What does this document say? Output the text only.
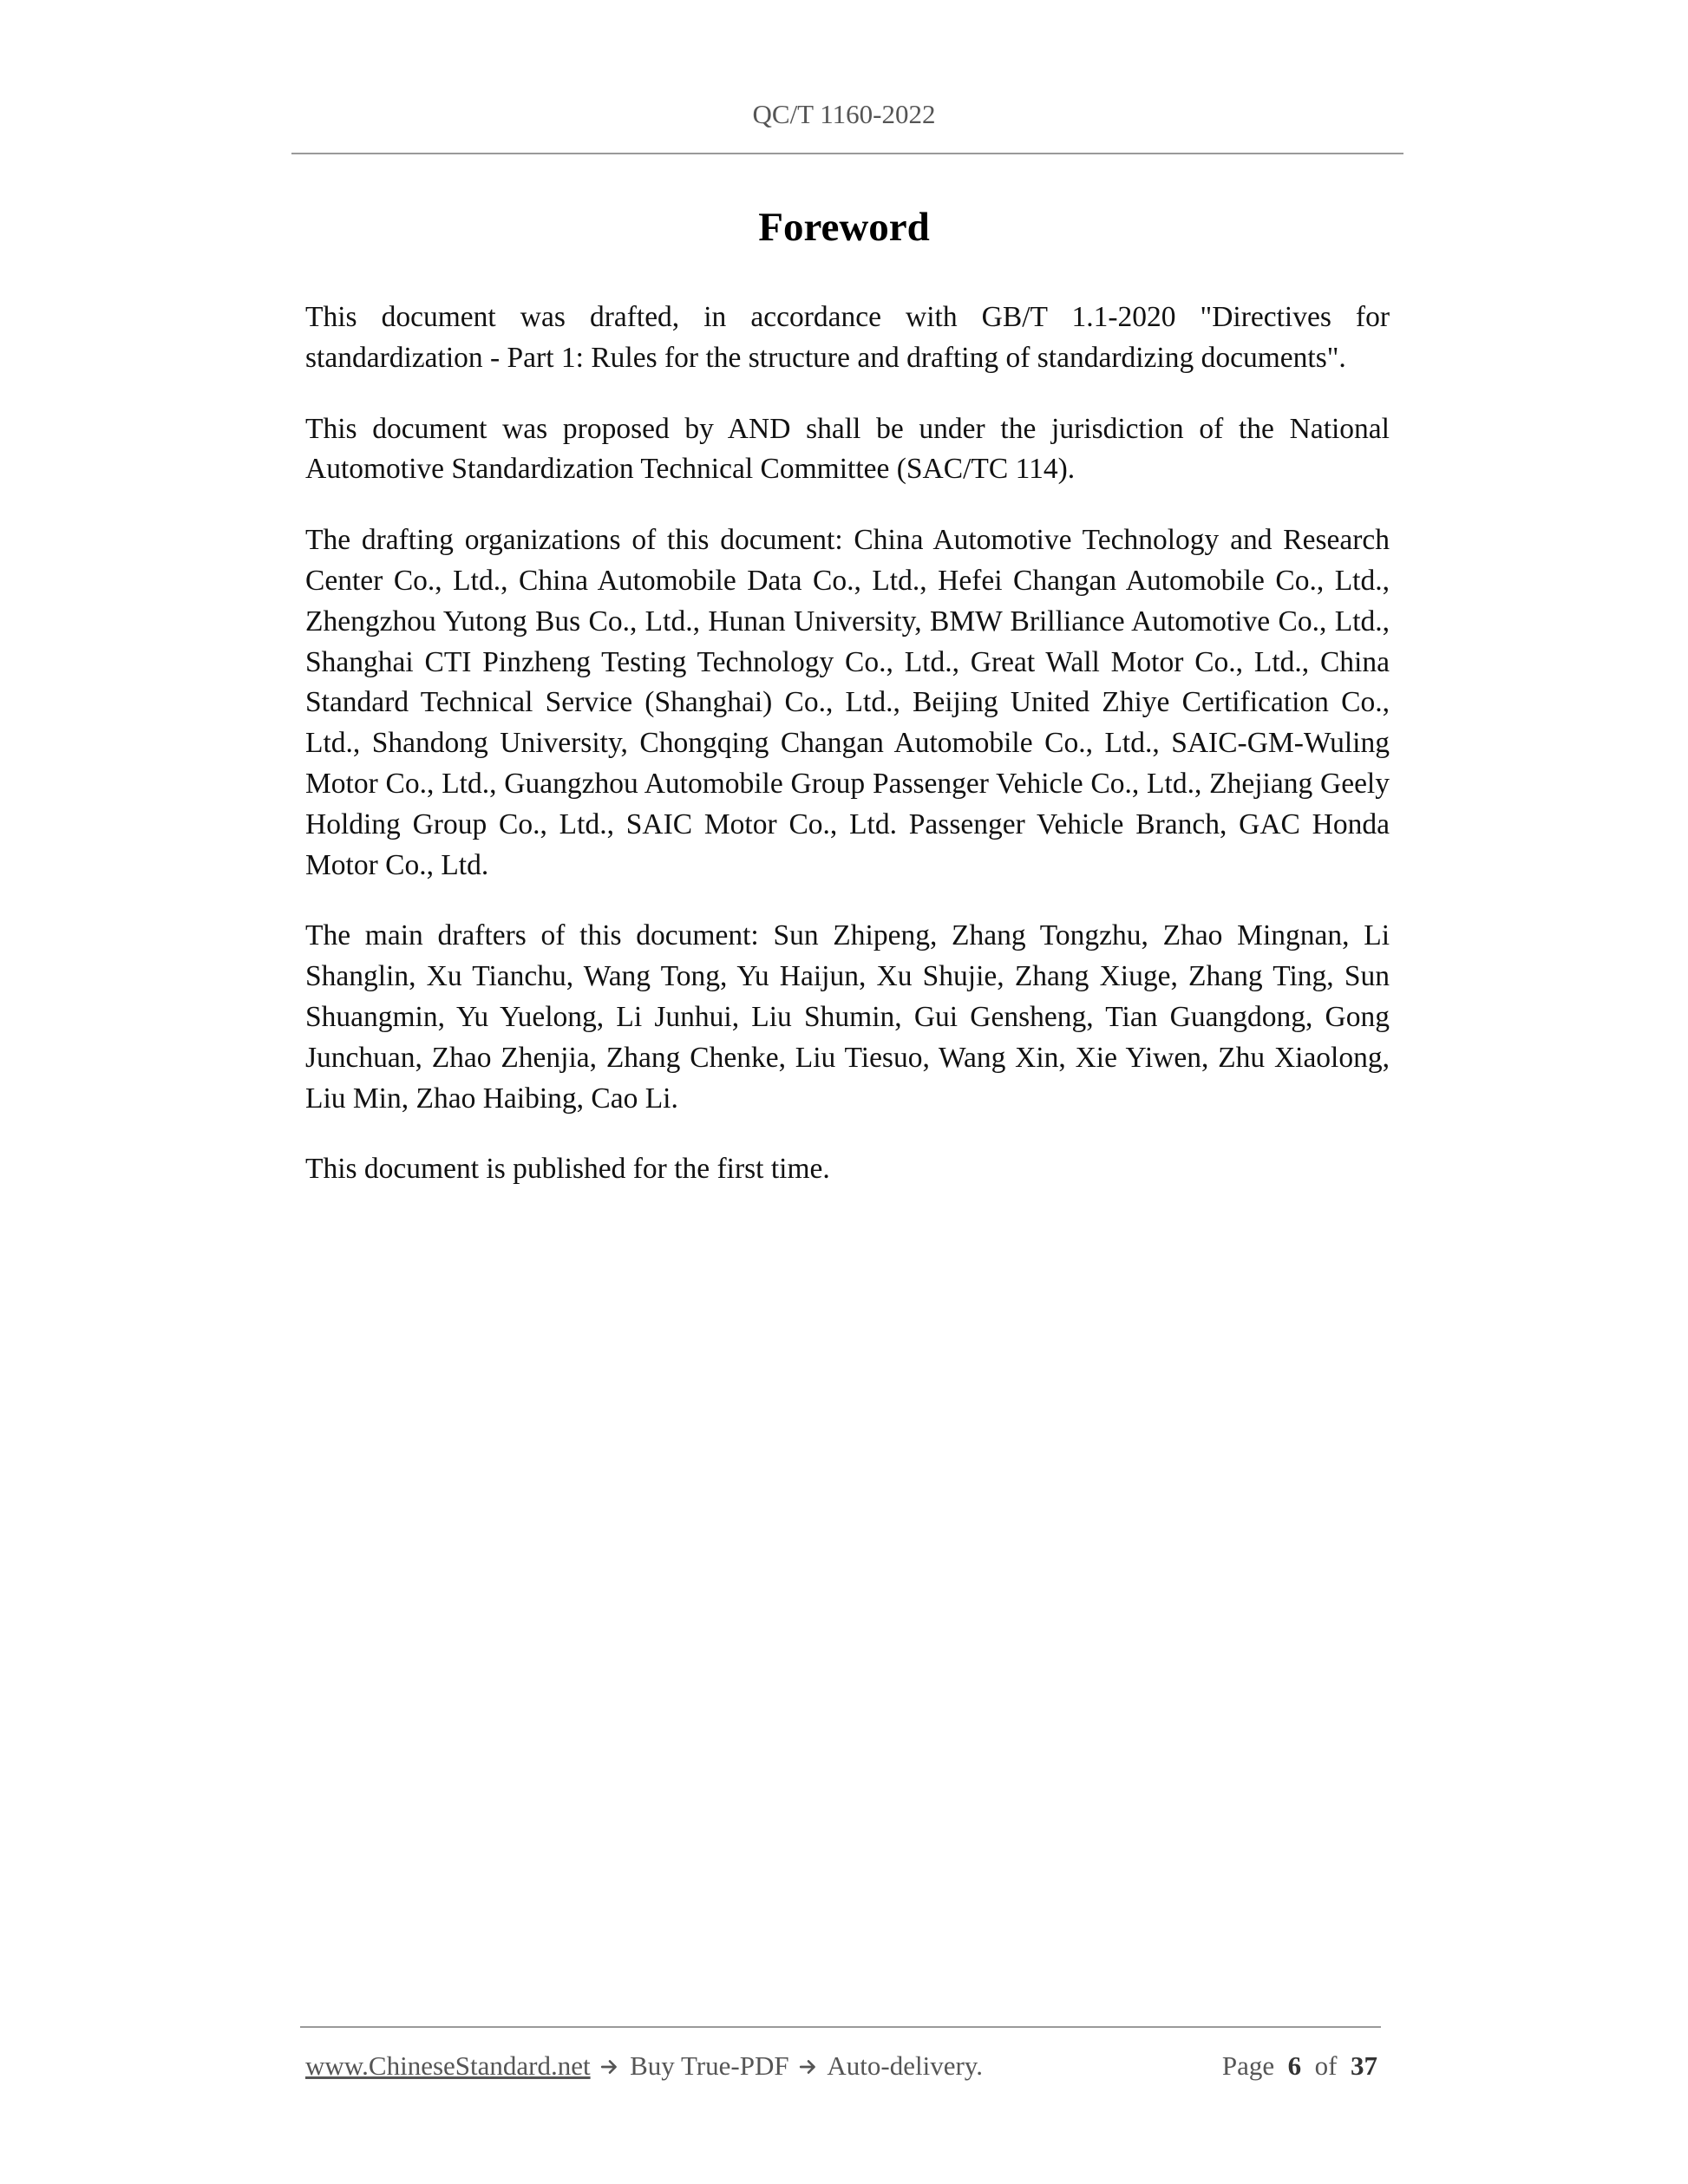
QC/T 1160-2022
Foreword

This document was drafted, in accordance with GB/T 1.1-2020 "Directives for standardization - Part 1: Rules for the structure and drafting of standardizing documents".

This document was proposed by AND shall be under the jurisdiction of the National Automotive Standardization Technical Committee (SAC/TC 114).

The drafting organizations of this document: China Automotive Technology and Research Center Co., Ltd., China Automobile Data Co., Ltd., Hefei Changan Automobile Co., Ltd., Zhengzhou Yutong Bus Co., Ltd., Hunan University, BMW Brilliance Automotive Co., Ltd., Shanghai CTI Pinzheng Testing Technology Co., Ltd., Great Wall Motor Co., Ltd., China Standard Technical Service (Shanghai) Co., Ltd., Beijing United Zhiye Certification Co., Ltd., Shandong University, Chongqing Changan Automobile Co., Ltd., SAIC-GM-Wuling Motor Co., Ltd., Guangzhou Automobile Group Passenger Vehicle Co., Ltd., Zhejiang Geely Holding Group Co., Ltd., SAIC Motor Co., Ltd. Passenger Vehicle Branch, GAC Honda Motor Co., Ltd.

The main drafters of this document: Sun Zhipeng, Zhang Tongzhu, Zhao Mingnan, Li Shanglin, Xu Tianchu, Wang Tong, Yu Haijun, Xu Shujie, Zhang Xiuge, Zhang Ting, Sun Shuangmin, Yu Yuelong, Li Junhui, Liu Shumin, Gui Gensheng, Tian Guangdong, Gong Junchuan, Zhao Zhenjia, Zhang Chenke, Liu Tiesuo, Wang Xin, Xie Yiwen, Zhu Xiaolong, Liu Min, Zhao Haibing, Cao Li.

This document is published for the first time.

www.ChineseStandard.net Buy True-PDF Auto-delivery.	Page 6 of 37
